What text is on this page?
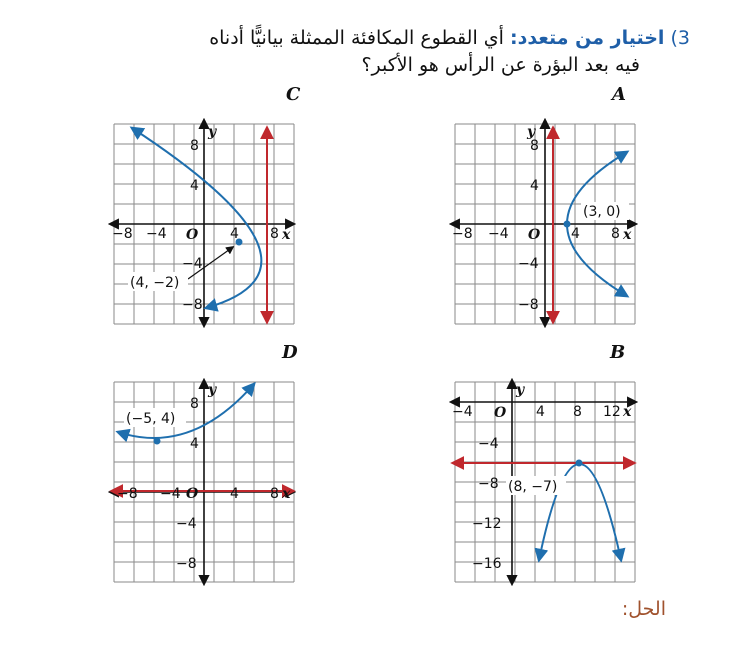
3) اختيار من متعدد: أي القطوع المكافئة الممثلة بيانيًّا أدناه
فيه بعد البؤرة عن الرأس هو الأكبر؟
C	A
D	B
−8 −4 O 4 8 x
y
8
4
−4
−8
(4, −2)
−8 −4 O 4 8 x
y
8
4
−4
−8
(3, 0)
−8 −4 O 4 8 x
y
8
4
−4
−8
(−5, 4)	−4 O 4 8 12 x
y
−4
−8
−12
−16
(8, −7)
الحل:
